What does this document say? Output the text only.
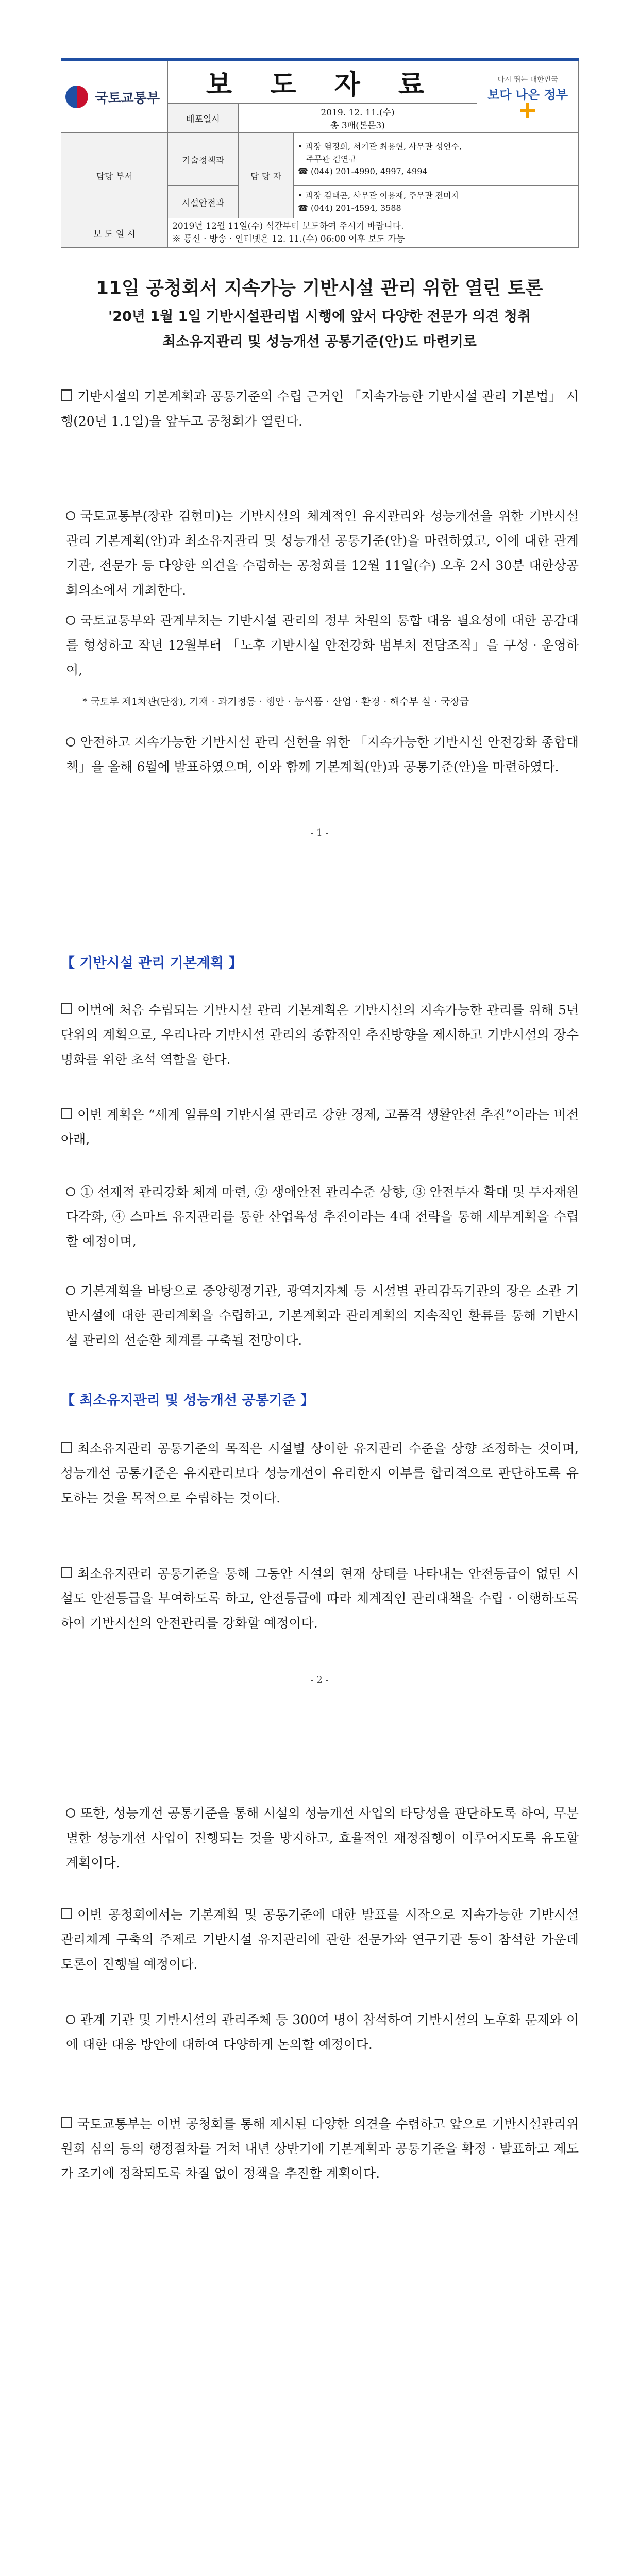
국토교통부	보 도 자 료			다시 뛰는 대한민국
보다 나은 정부

	배포일시	2019. 12. 11.(수)
총 3매(본문3)		

담당 부서	기술정책과	담 당 자	• 과장 염정희, 서기관 최용현, 사무관 성연수,
주무관 김연규
☎ (044) 201-4990, 4997, 4994	

	시설안전과		• 과장 김태곤, 사무관 이용재, 주무관 전미자
☎ (044) 201-4594, 3588	

보 도 일 시	2019년 12월 11일(수) 석간부터 보도하여 주시기 바랍니다.
※ 통신‧방송‧인터넷은 12. 11.(수) 06:00 이후 보도 가능			
11일 공청회서 지속가능 기반시설 관리 위한 열린 토론
'20년 1월 1일 기반시설관리법 시행에 앞서 다양한 전문가 의견 청취
최소유지관리 및 성능개선 공통기준(안)도 마련키로
기반시설의 기본계획과 공통기준의 수립 근거인 「지속가능한 기반시설 관리 기본법」 시행(20년 1.1일)을 앞두고 공청회가 열린다.
국토교통부(장관 김현미)는 기반시설의 체계적인 유지관리와 성능개선을 위한 기반시설 관리 기본계획(안)과 최소유지관리 및 성능개선 공통기준(안)을 마련하였고, 이에 대한 관계기관, 전문가 등 다양한 의견을 수렴하는 공청회를 12월 11일(수) 오후 2시 30분 대한상공회의소에서 개최한다.
국토교통부와 관계부처는 기반시설 관리의 정부 차원의 통합 대응 필요성에 대한 공감대를 형성하고 작년 12월부터 「노후 기반시설 안전강화 범부처 전담조직」을 구성‧운영하여,
* 국토부 제1차관(단장), 기재‧과기정통‧행안‧농식품‧산업‧환경‧해수부 실‧국장급
안전하고 지속가능한 기반시설 관리 실현을 위한 「지속가능한 기반시설 안전강화 종합대책」을 올해 6월에 발표하였으며, 이와 함께 기본계획(안)과 공통기준(안)을 마련하였다.
- 1 -
【 기반시설 관리 기본계획 】
이번에 처음 수립되는 기반시설 관리 기본계획은 기반시설의 지속가능한 관리를 위해 5년 단위의 계획으로, 우리나라 기반시설 관리의 종합적인 추진방향을 제시하고 기반시설의 장수명화를 위한 초석 역할을 한다.
이번 계획은 “세계 일류의 기반시설 관리로 강한 경제, 고품격 생활안전 추진”이라는 비전 아래,
① 선제적 관리강화 체계 마련, ② 생애안전 관리수준 상향, ③ 안전투자 확대 및 투자재원 다각화, ④ 스마트 유지관리를 통한 산업육성 추진이라는 4대 전략을 통해 세부계획을 수립할 예정이며,
기본계획을 바탕으로 중앙행정기관, 광역지자체 등 시설별 관리감독기관의 장은 소관 기반시설에 대한 관리계획을 수립하고, 기본계획과 관리계획의 지속적인 환류를 통해 기반시설 관리의 선순환 체계를 구축될 전망이다.
【 최소유지관리 및 성능개선 공통기준 】
최소유지관리 공통기준의 목적은 시설별 상이한 유지관리 수준을 상향 조정하는 것이며, 성능개선 공통기준은 유지관리보다 성능개선이 유리한지 여부를 합리적으로 판단하도록 유도하는 것을 목적으로 수립하는 것이다.
최소유지관리 공통기준을 통해 그동안 시설의 현재 상태를 나타내는 안전등급이 없던 시설도 안전등급을 부여하도록 하고, 안전등급에 따라 체계적인 관리대책을 수립‧이행하도록 하여 기반시설의 안전관리를 강화할 예정이다.
- 2 -
또한, 성능개선 공통기준을 통해 시설의 성능개선 사업의 타당성을 판단하도록 하여, 무분별한 성능개선 사업이 진행되는 것을 방지하고, 효율적인 재정집행이 이루어지도록 유도할 계획이다.
이번 공청회에서는 기본계획 및 공통기준에 대한 발표를 시작으로 지속가능한 기반시설 관리체계 구축의 주제로 기반시설 유지관리에 관한 전문가와 연구기관 등이 참석한 가운데 토론이 진행될 예정이다.
관계 기관 및 기반시설의 관리주체 등 300여 명이 참석하여 기반시설의 노후화 문제와 이에 대한 대응 방안에 대하여 다양하게 논의할 예정이다.
국토교통부는 이번 공청회를 통해 제시된 다양한 의견을 수렴하고 앞으로 기반시설관리위원회 심의 등의 행정절차를 거쳐 내년 상반기에 기본계획과 공통기준을 확정‧발표하고 제도가 조기에 정착되도록 차질 없이 정책을 추진할 계획이다.
